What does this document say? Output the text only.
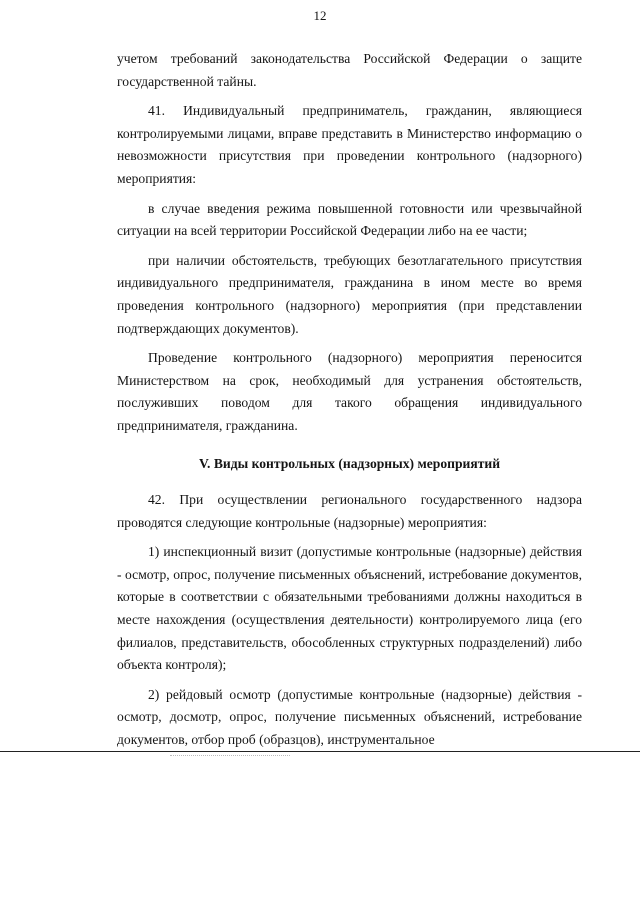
12

учетом требований законодательства Российской Федерации о защите государственной тайны.

41. Индивидуальный предприниматель, гражданин, являющиеся контролируемыми лицами, вправе представить в Министерство информацию о невозможности присутствия при проведении контрольного (надзорного) мероприятия:

в случае введения режима повышенной готовности или чрезвычайной ситуации на всей территории Российской Федерации либо на ее части;

при наличии обстоятельств, требующих безотлагательного присутствия индивидуального предпринимателя, гражданина в ином месте во время проведения контрольного (надзорного) мероприятия (при представлении подтверждающих документов).

Проведение контрольного (надзорного) мероприятия переносится Министерством на срок, необходимый для устранения обстоятельств, послуживших поводом для такого обращения индивидуального предпринимателя, гражданина.

V. Виды контрольных (надзорных) мероприятий

42. При осуществлении регионального государственного надзора проводятся следующие контрольные (надзорные) мероприятия:

1) инспекционный визит (допустимые контрольные (надзорные) действия - осмотр, опрос, получение письменных объяснений, истребование документов, которые в соответствии с обязательными требованиями должны находиться в месте нахождения (осуществления деятельности) контролируемого лица (его филиалов, представительств, обособленных структурных подразделений) либо объекта контроля);

2) рейдовый осмотр (допустимые контрольные (надзорные) действия - осмотр, досмотр, опрос, получение письменных объяснений, истребование документов, отбор проб (образцов), инструментальное
